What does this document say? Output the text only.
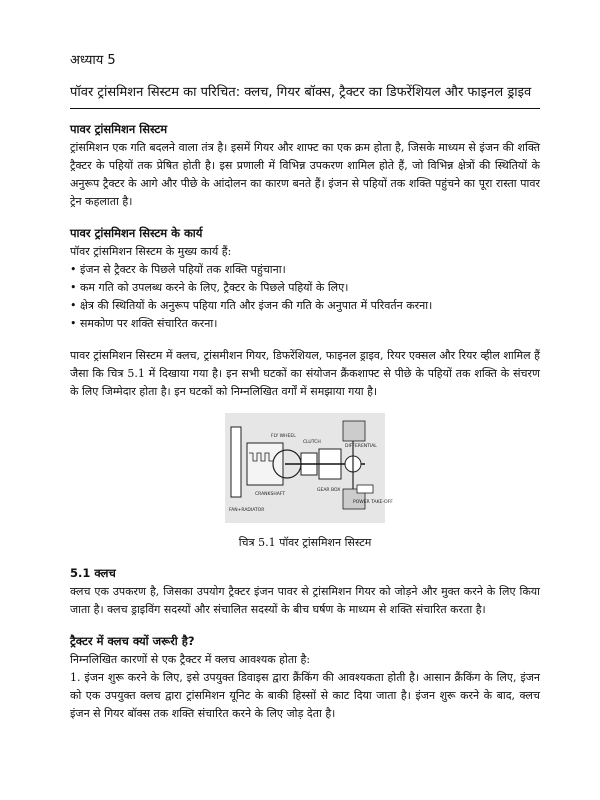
अध्याय 5
पॉवर ट्रांसमिशन सिस्टम का परिचित: क्लच, गियर बॉक्स, ट्रैक्टर का डिफरेंशियल और फाइनल ड्राइव
पावर ट्रांसमिशन सिस्टम

ट्रांसमिशन एक गति बदलने वाला तंत्र है। इसमें गियर और शाफ्ट का एक क्रम होता है, जिसके माध्यम से इंजन की शक्ति ट्रैक्टर के पहियों तक प्रेषित होती है। इस प्रणाली में विभिन्न उपकरण शामिल होते हैं, जो विभिन्न क्षेत्रों की स्थितियों के अनुरूप ट्रैक्टर के आगे और पीछे के आंदोलन का कारण बनते हैं। इंजन से पहियों तक शक्ति पहुंचने का पूरा रास्ता पावर ट्रेन कहलाता है।

पावर ट्रांसमिशन सिस्टम के कार्य

पॉवर ट्रांसमिशन सिस्टम के मुख्य कार्य हैं:

• इंजन से ट्रैक्टर के पिछले पहियों तक शक्ति पहुंचाना।
• कम गति को उपलब्ध करने के लिए, ट्रैक्टर के पिछले पहियों के लिए।
• क्षेत्र की स्थितियों के अनुरूप पहिया गति और इंजन की गति के अनुपात में परिवर्तन करना।
• समकोण पर शक्ति संचारित करना।

पावर ट्रांसमिशन सिस्टम में क्लच, ट्रांसमीशन गियर, डिफरेंशियल, फाइनल ड्राइव, रियर एक्सल और रियर व्हील शामिल हैं जैसा कि चित्र 5.1 में दिखाया गया है। इन सभी घटकों का संयोजन क्रैंकशाफ्ट से पीछे के पहियों तक शक्ति के संचरण के लिए जिम्मेदार होता है। इन घटकों को निम्नलिखित वर्गों में समझाया गया है।

FLY WHEEL
CLUTCH
DIFFERENTIAL
CRANKSHAFT
GEAR BOX
POWER TAKE-OFF
FAN+RADIATOR
चित्र 5.1 पॉवर ट्रांसमिशन सिस्टम
5.1 क्लच

क्लच एक उपकरण है, जिसका उपयोग ट्रैक्टर इंजन पावर से ट्रांसमिशन गियर को जोड़ने और मुक्त करने के लिए किया जाता है। क्लच ड्राइविंग सदस्यों और संचालित सदस्यों के बीच घर्षण के माध्यम से शक्ति संचारित करता है।

ट्रैक्टर में क्लच क्यों जरूरी है?

निम्नलिखित कारणों से एक ट्रैक्टर में क्लच आवश्यक होता है:

1. इंजन शुरू करने के लिए, इसे उपयुक्त डिवाइस द्वारा क्रैंकिंग की आवश्यकता होती है। आसान क्रैंकिंग के लिए, इंजन को एक उपयुक्त क्लच द्वारा ट्रांसमिशन यूनिट के बाकी हिस्सों से काट दिया जाता है। इंजन शुरू करने के बाद, क्लच इंजन से गियर बॉक्स तक शक्ति संचारित करने के लिए जोड़ देता है।
